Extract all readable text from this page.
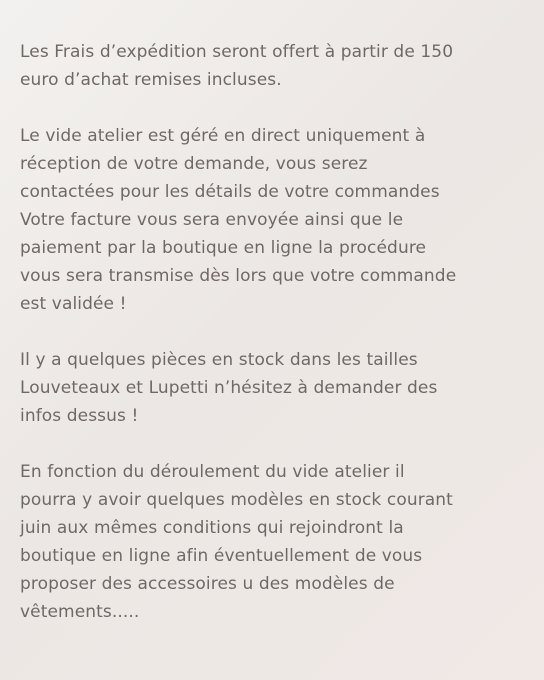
Les Frais d’expédition seront offert à partir de 150
euro d’achat remises incluses.

Le vide atelier est géré en direct uniquement à
réception de votre demande, vous serez
contactées pour les détails de votre commandes
Votre facture vous sera envoyée ainsi que le
paiement par la boutique en ligne la procédure
vous sera transmise dès lors que votre commande
est validée !

Il y a quelques pièces en stock dans les tailles
Louveteaux et Lupetti n’hésitez à demander des
infos dessus !

En fonction du déroulement du vide atelier il
pourra y avoir quelques modèles en stock courant
juin aux mêmes conditions qui rejoindront la
boutique en ligne afin éventuellement de vous
proposer des accessoires u des modèles de
vêtements.....
